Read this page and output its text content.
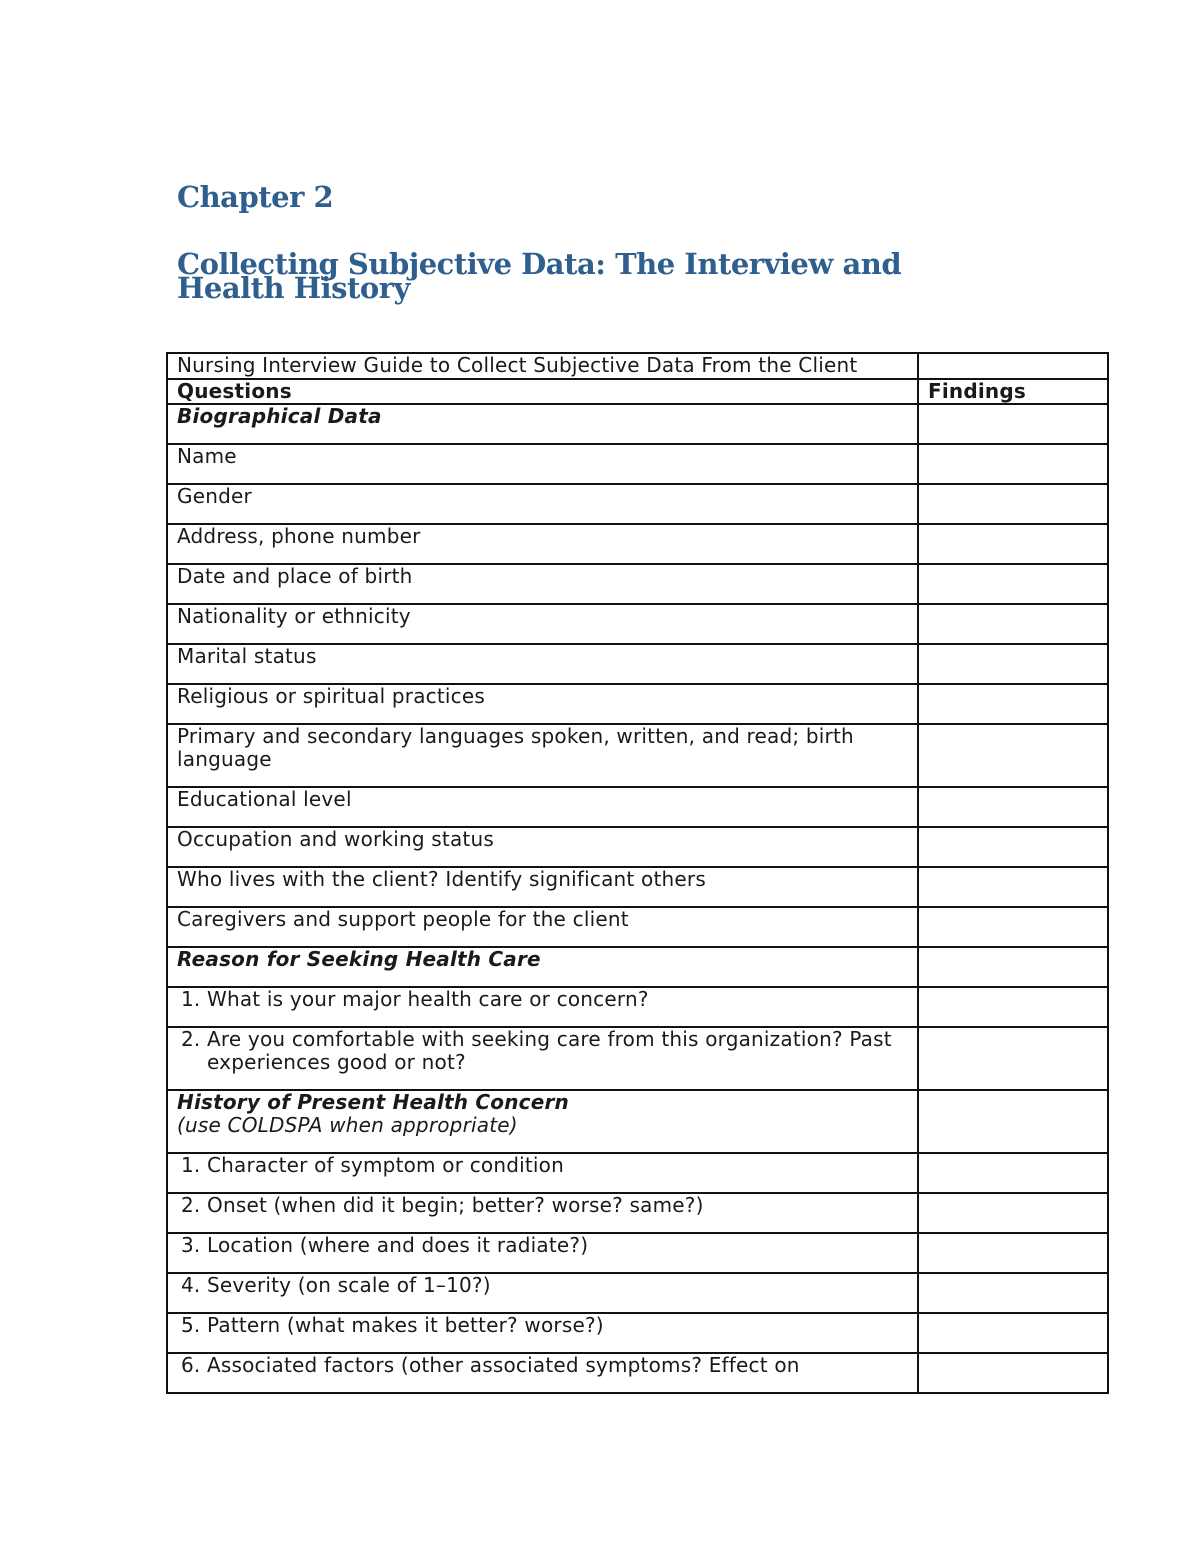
Chapter 2
Collecting Subjective Data: The Interview and Health History
Nursing Interview Guide to Collect Subjective Data From the Client	
Questions	Findings
Biographical Data	
Name	
Gender	
Address, phone number	
Date and place of birth	
Nationality or ethnicity	
Marital status	
Religious or spiritual practices	
Primary and secondary languages spoken, written, and read; birth language	
Educational level	
Occupation and working status	
Who lives with the client? Identify significant others	
Caregivers and support people for the client	
Reason for Seeking Health Care	

1. What is your major health care or concern?	

2. Are you comfortable with seeking care from this organization? Past experiences good or not?	

History of Present Health Concern
(use COLDSPA when appropriate)	

1. Character of symptom or condition	

2. Onset (when did it begin; better? worse? same?)	

3. Location (where and does it radiate?)	

4. Severity (on scale of 1–10?)	

5. Pattern (what makes it better? worse?)	

6. Associated factors (other associated symptoms? Effect on	
